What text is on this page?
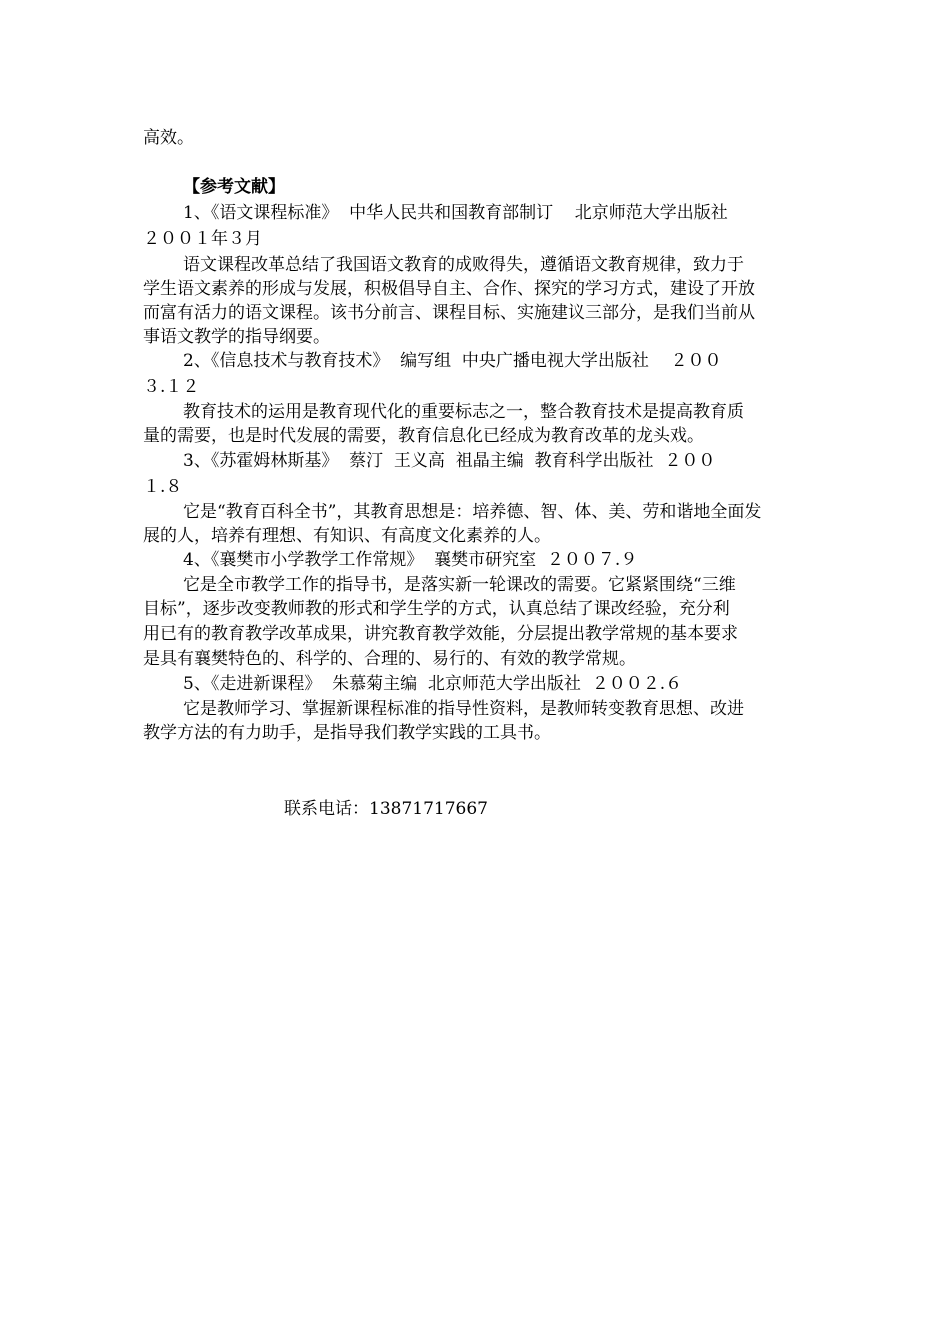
高效。
【参考文献】
1、《语文课程标准》  中华人民共和国教育部制订    北京师范大学出版社
２００１年３月
语文课程改革总结了我国语文教育的成败得失，遵循语文教育规律，致力于
学生语文素养的形成与发展，积极倡导自主、合作、探究的学习方式，建设了开放
而富有活力的语文课程。该书分前言、课程目标、实施建议三部分，是我们当前从
事语文教学的指导纲要。
2、《信息技术与教育技术》  编写组  中央广播电视大学出版社    ２００
３.１２
教育技术的运用是教育现代化的重要标志之一，整合教育技术是提高教育质
量的需要，也是时代发展的需要，教育信息化已经成为教育改革的龙头戏。
3、《苏霍姆林斯基》  蔡汀  王义高  祖晶主编  教育科学出版社  ２００
１.８
它是“教育百科全书”，其教育思想是：培养德、智、体、美、劳和谐地全面发
展的人，培养有理想、有知识、有高度文化素养的人。
4、《襄樊市小学教学工作常规》  襄樊市研究室  ２００７.９
它是全市教学工作的指导书，是落实新一轮课改的需要。它紧紧围绕“三维
目标”，逐步改变教师教的形式和学生学的方式，认真总结了课改经验，充分利
用已有的教育教学改革成果，讲究教育教学效能，分层提出教学常规的基本要求
是具有襄樊特色的、科学的、合理的、易行的、有效的教学常规。
5、《走进新课程》  朱慕菊主编  北京师范大学出版社  ２００２.６
它是教师学习、掌握新课程标准的指导性资料，是教师转变教育思想、改进
教学方法的有力助手，是指导我们教学实践的工具书。
联系电话：13871717667
